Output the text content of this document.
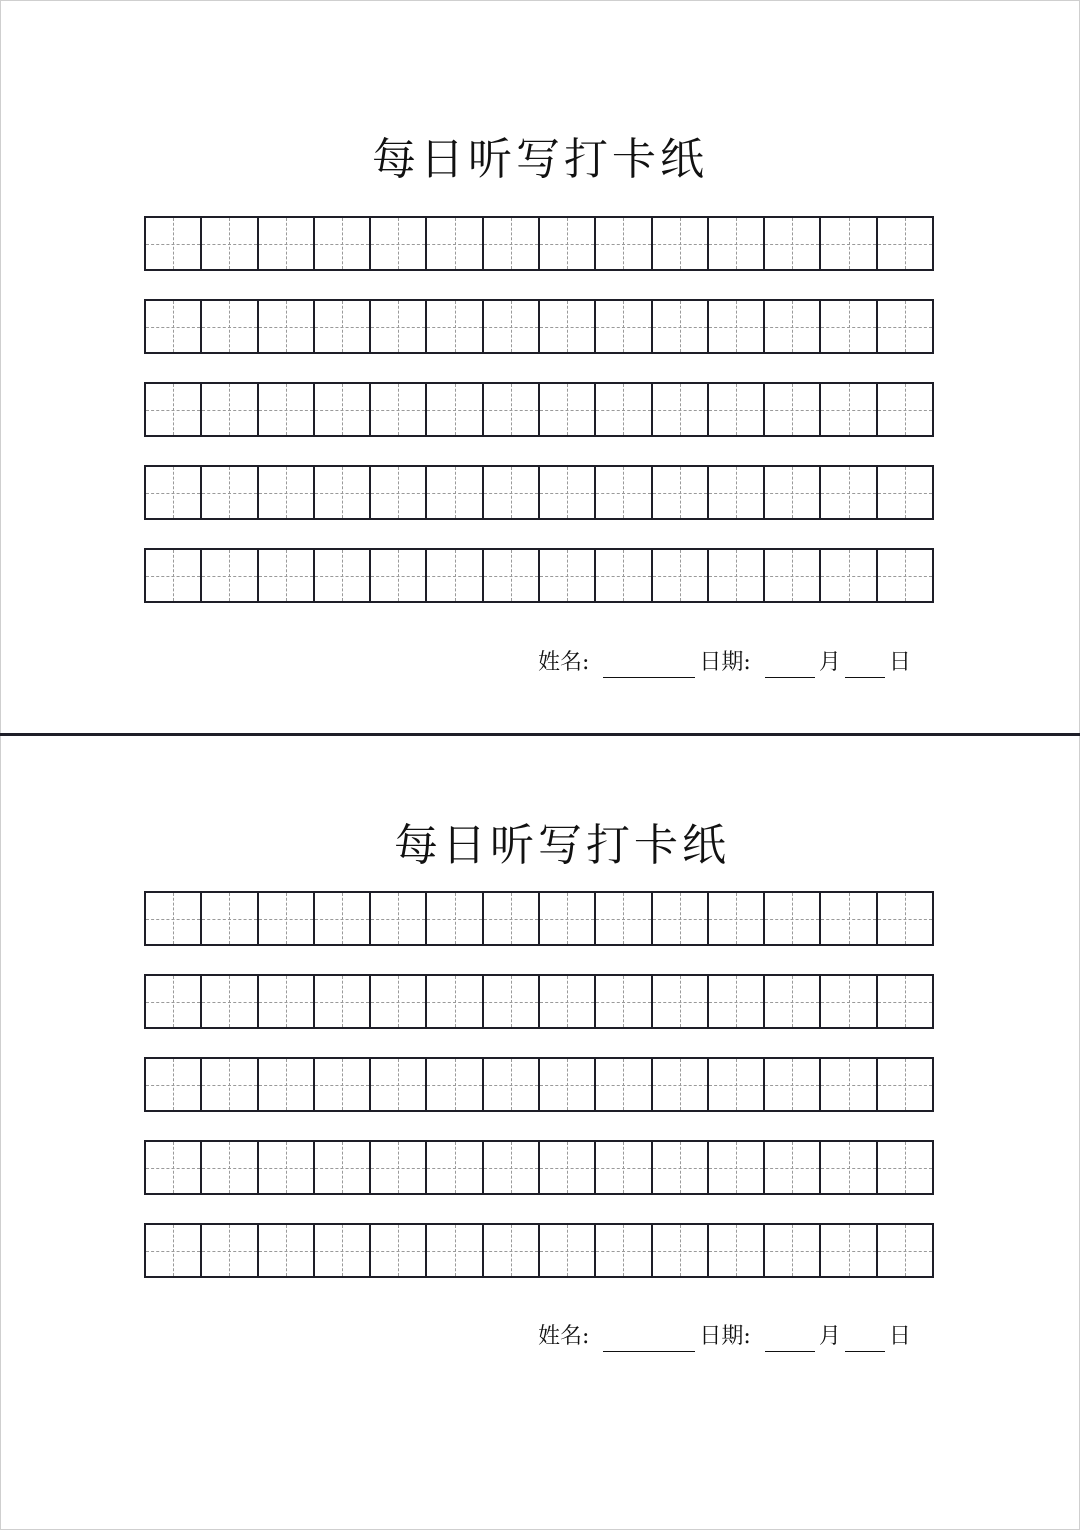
每日听写打卡纸
姓名:	日期:	月 日
每日听写打卡纸
姓名:	日期:	月 日
